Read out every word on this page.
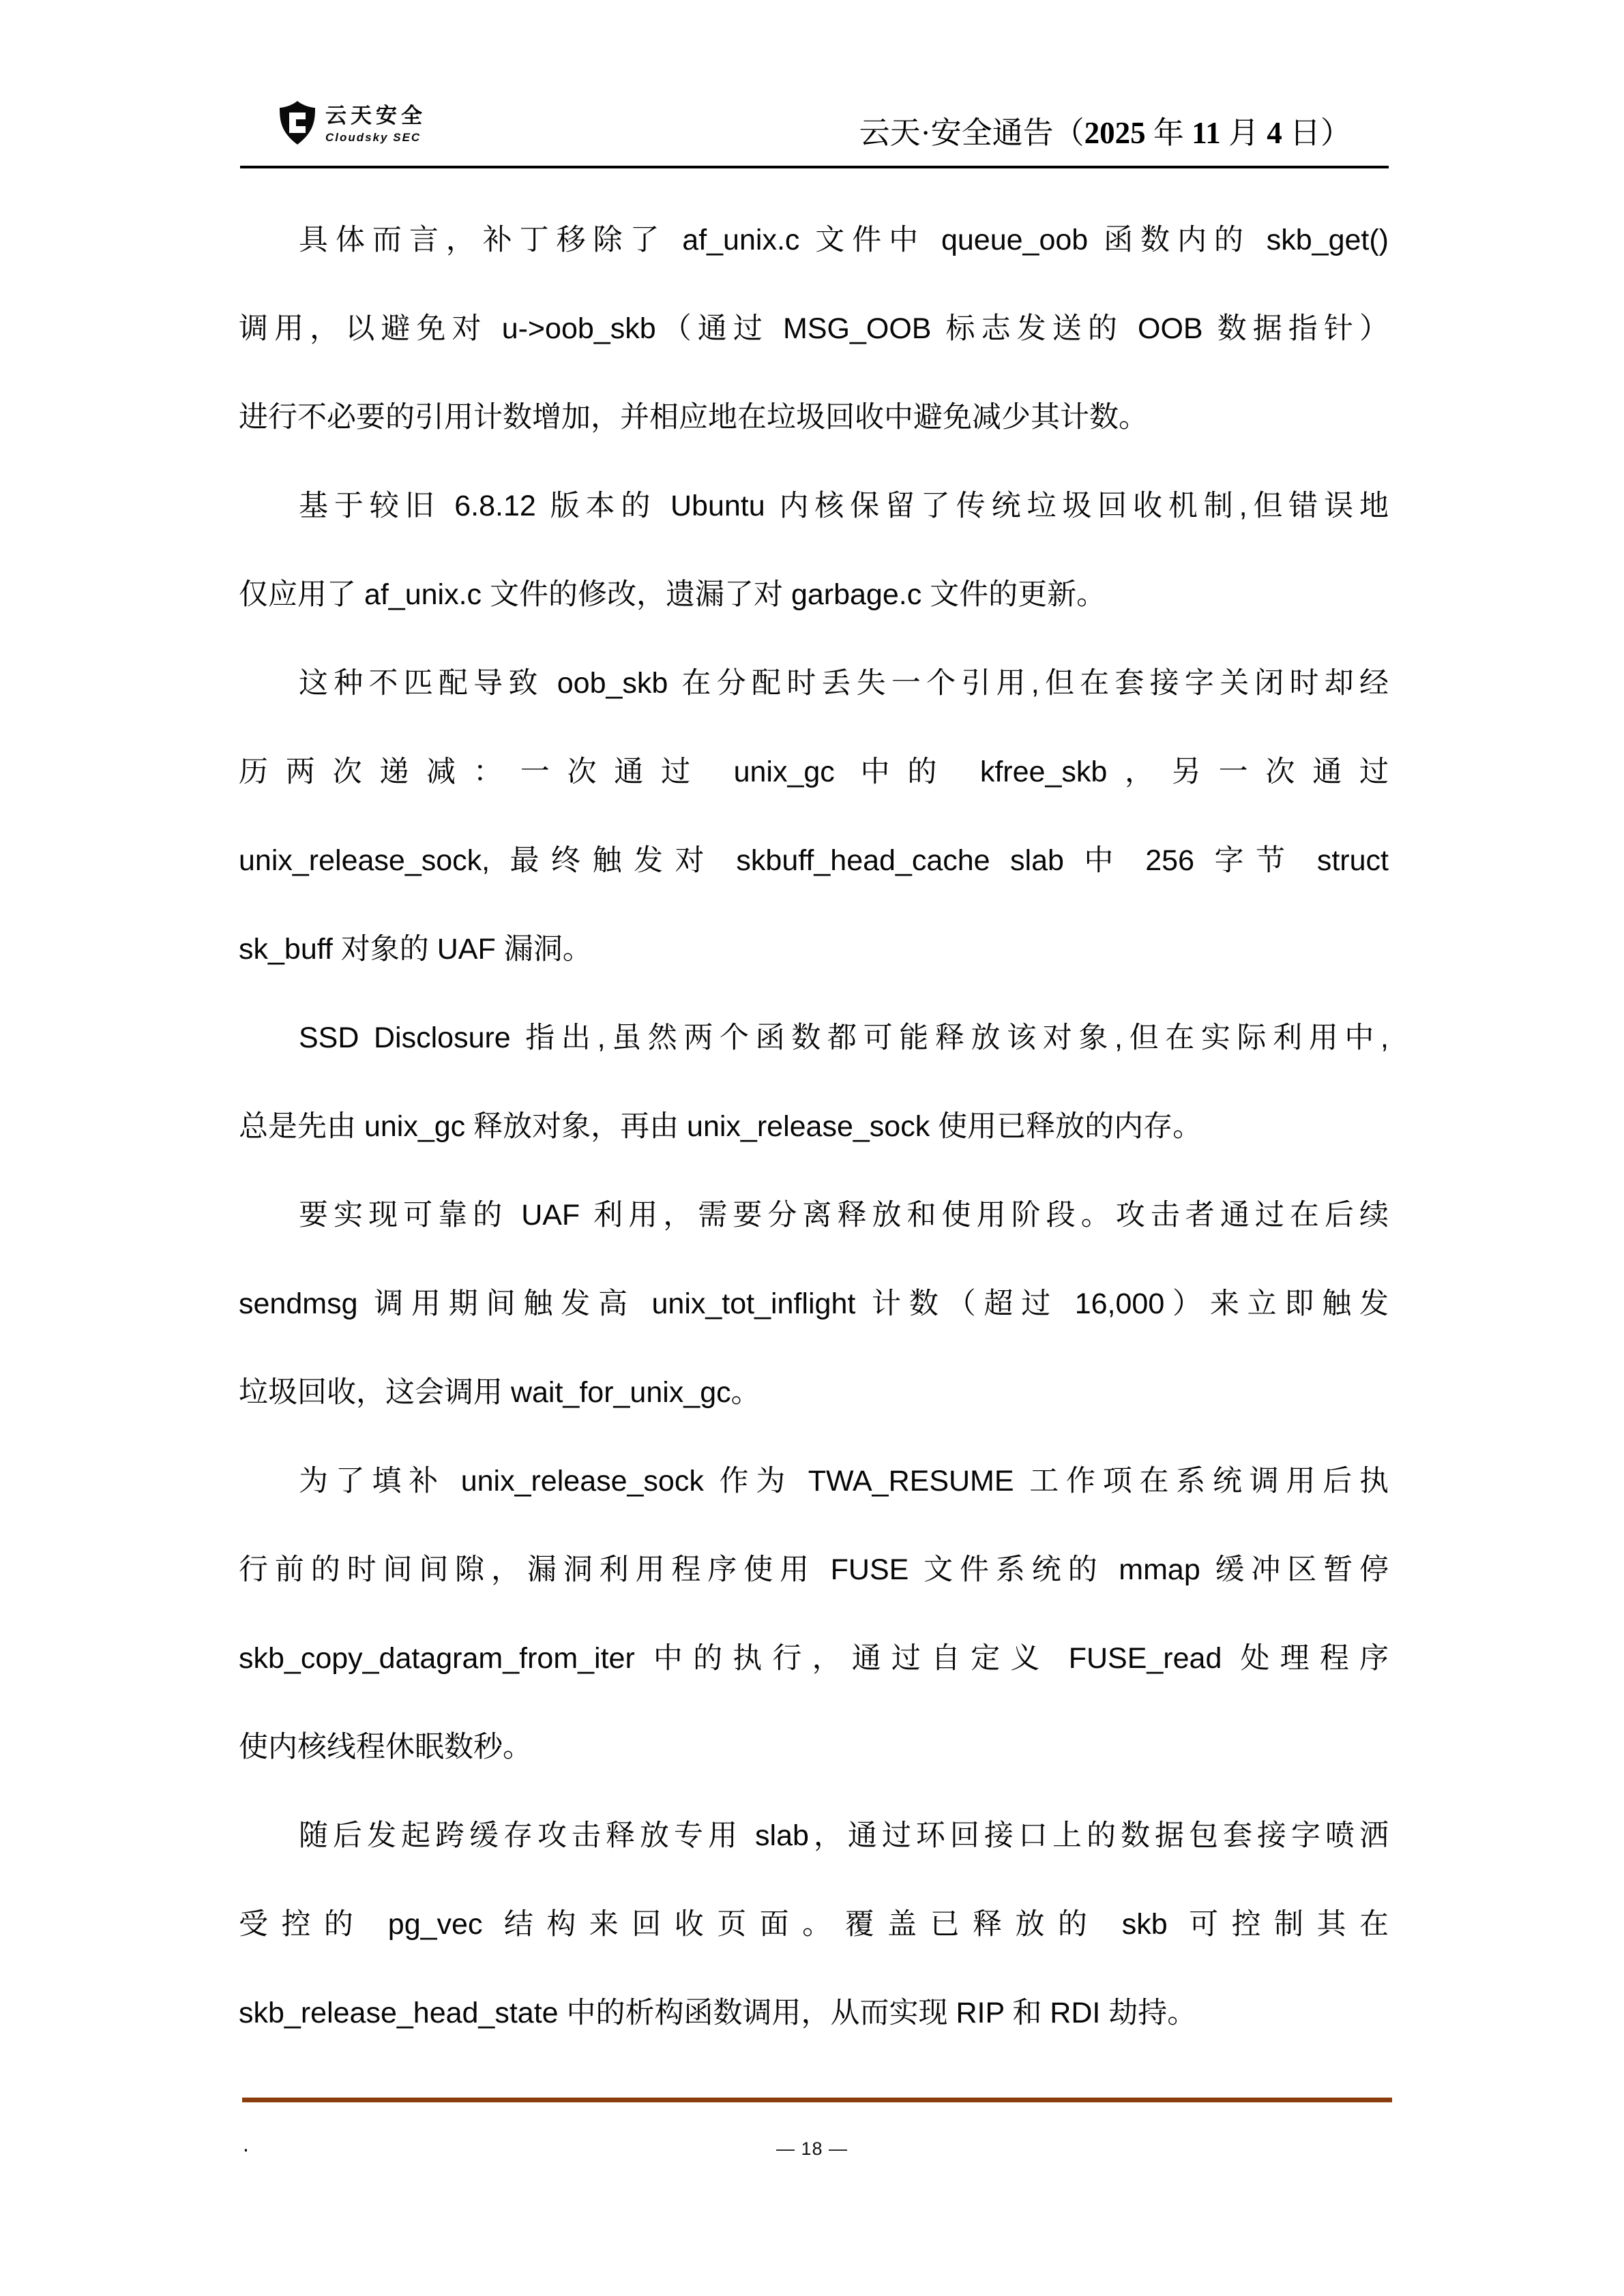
云天安全
Cloudsky SEC	云天·安全通告（2025 年 11 月 4 日）
具体而言，补丁移除了 af_unix.c 文件中 queue_oob 函数内的 skb_get()
调用，以避免对 u->oob_skb（通过 MSG_OOB 标志发送的 OOB 数据指针）
进行不必要的引用计数增加，并相应地在垃圾回收中避免减少其计数。
基于较旧 6.8.12 版本的 Ubuntu 内核保留了传统垃圾回收机制,但错误地
仅应用了 af_unix.c 文件的修改，遗漏了对 garbage.c 文件的更新。
这种不匹配导致 oob_skb 在分配时丢失一个引用,但在套接字关闭时却经
历两次递减：一次通过 unix_gc 中的 kfree_skb，另一次通过
unix_release_sock, 最终触发对 skbuff_head_cache slab 中 256 字节 struct
sk_buff 对象的 UAF 漏洞。
SSD Disclosure 指出,虽然两个函数都可能释放该对象,但在实际利用中,
总是先由 unix_gc 释放对象，再由 unix_release_sock 使用已释放的内存。
要实现可靠的 UAF 利用，需要分离释放和使用阶段。攻击者通过在后续
sendmsg 调用期间触发高 unix_tot_inflight 计数（超过 16,000）来立即触发
垃圾回收，这会调用 wait_for_unix_gc。
为了填补 unix_release_sock 作为 TWA_RESUME 工作项在系统调用后执
行前的时间间隙，漏洞利用程序使用 FUSE 文件系统的 mmap 缓冲区暂停
skb_copy_datagram_from_iter 中的执行，通过自定义 FUSE_read 处理程序
使内核线程休眠数秒。
随后发起跨缓存攻击释放专用 slab，通过环回接口上的数据包套接字喷洒
受控的 pg_vec 结构来回收页面。覆盖已释放的 skb 可控制其在
skb_release_head_state 中的析构函数调用，从而实现 RIP 和 RDI 劫持。
.	— 18 —
